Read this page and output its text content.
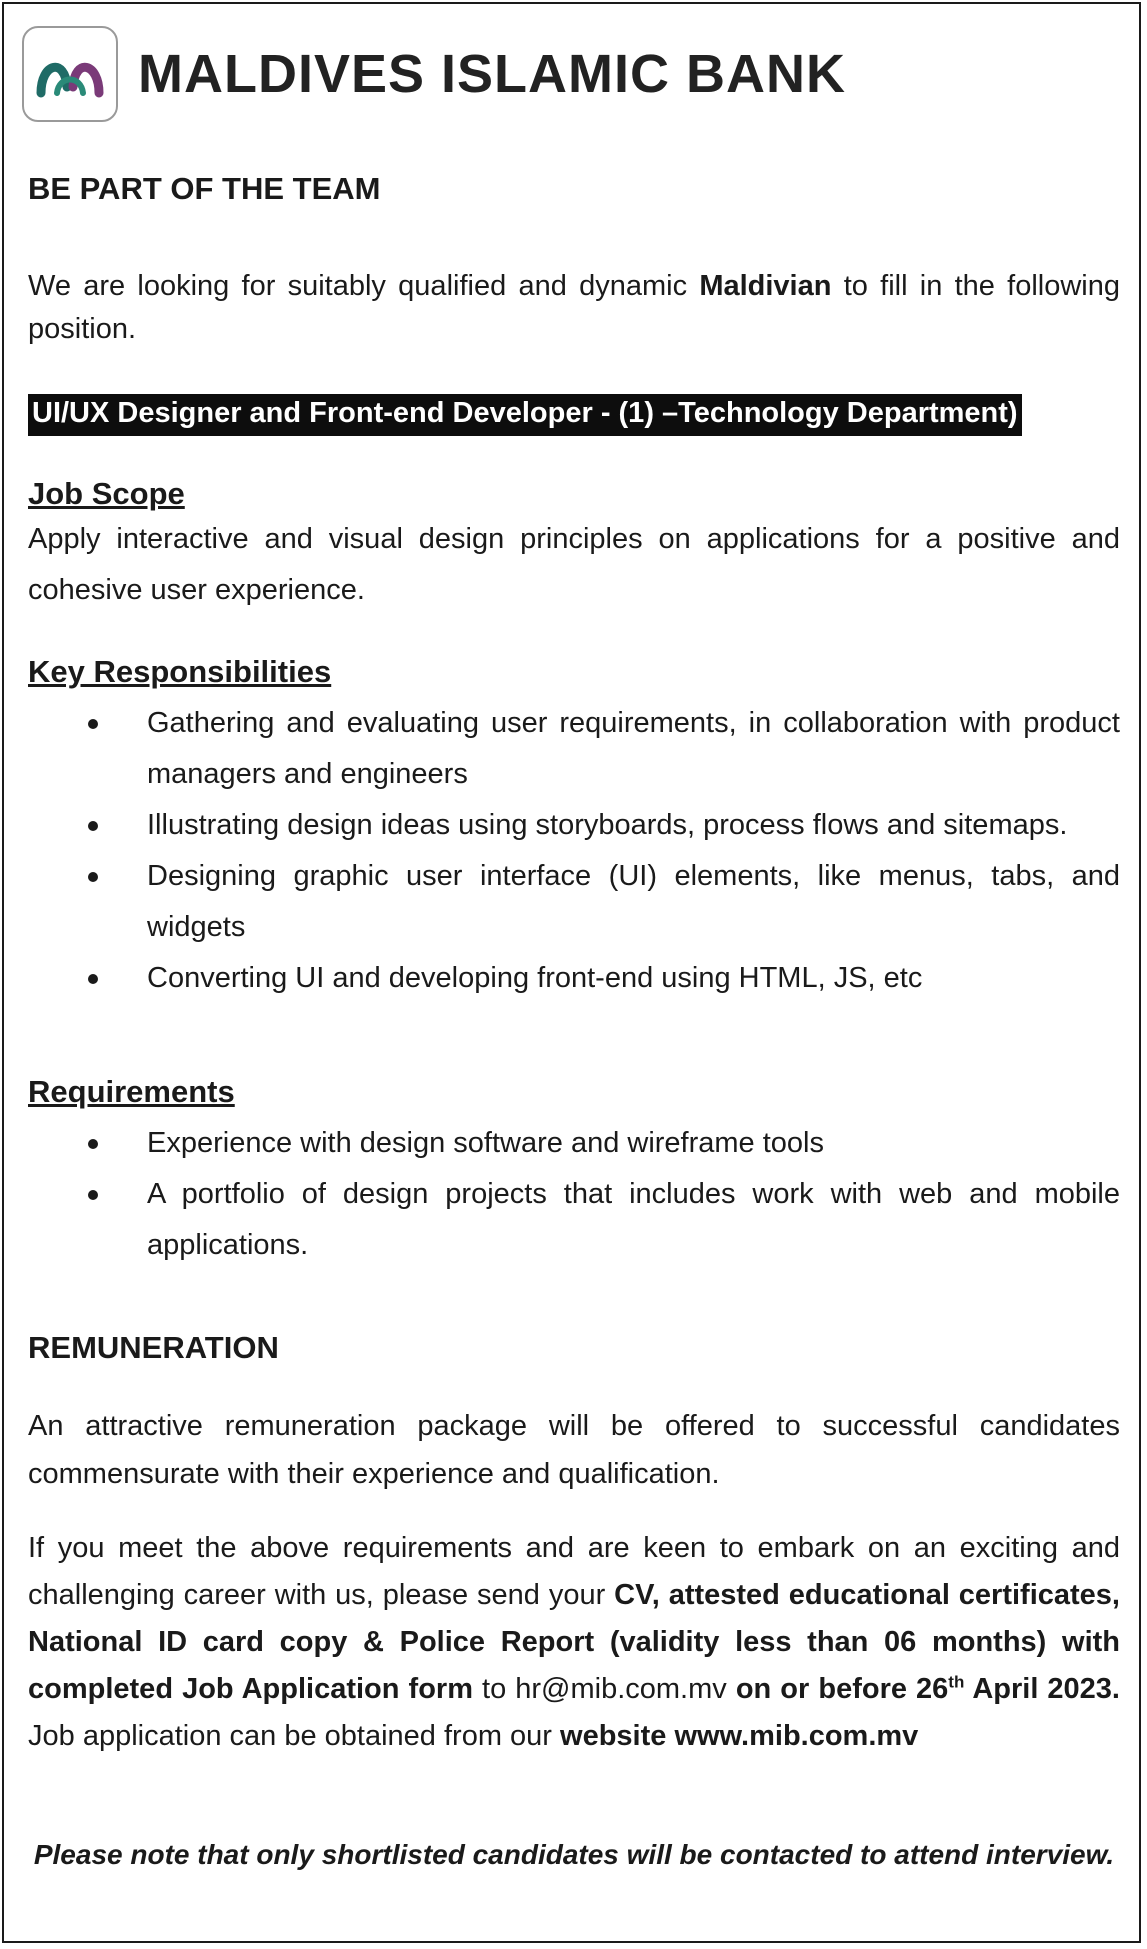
MALDIVES ISLAMIC BANK
BE PART OF THE TEAM

We are looking for suitably qualified and dynamic Maldivian to fill in the following position.

UI/UX Designer and Front-end Developer - (1) –Technology Department)
Job Scope

Apply interactive and visual design principles on applications for a positive and cohesive user experience.

Key Responsibilities
Gathering and evaluating user requirements, in collaboration with product managers and engineers
Illustrating design ideas using storyboards, process flows and sitemaps.
Designing graphic user interface (UI) elements, like menus, tabs, and widgets
Converting UI and developing front-end using HTML, JS, etc
Requirements
Experience with design software and wireframe tools
A portfolio of design projects that includes work with web and mobile applications.
REMUNERATION

An attractive remuneration package will be offered to successful candidates commensurate with their experience and qualification.

If you meet the above requirements and are keen to embark on an exciting and challenging career with us, please send your CV, attested educational certificates, National ID card copy & Police Report (validity less than 06 months) with completed Job Application form to hr@mib.com.mv on or before 26th April 2023. Job application can be obtained from our website www.mib.com.mv

Please note that only shortlisted candidates will be contacted to attend interview.
